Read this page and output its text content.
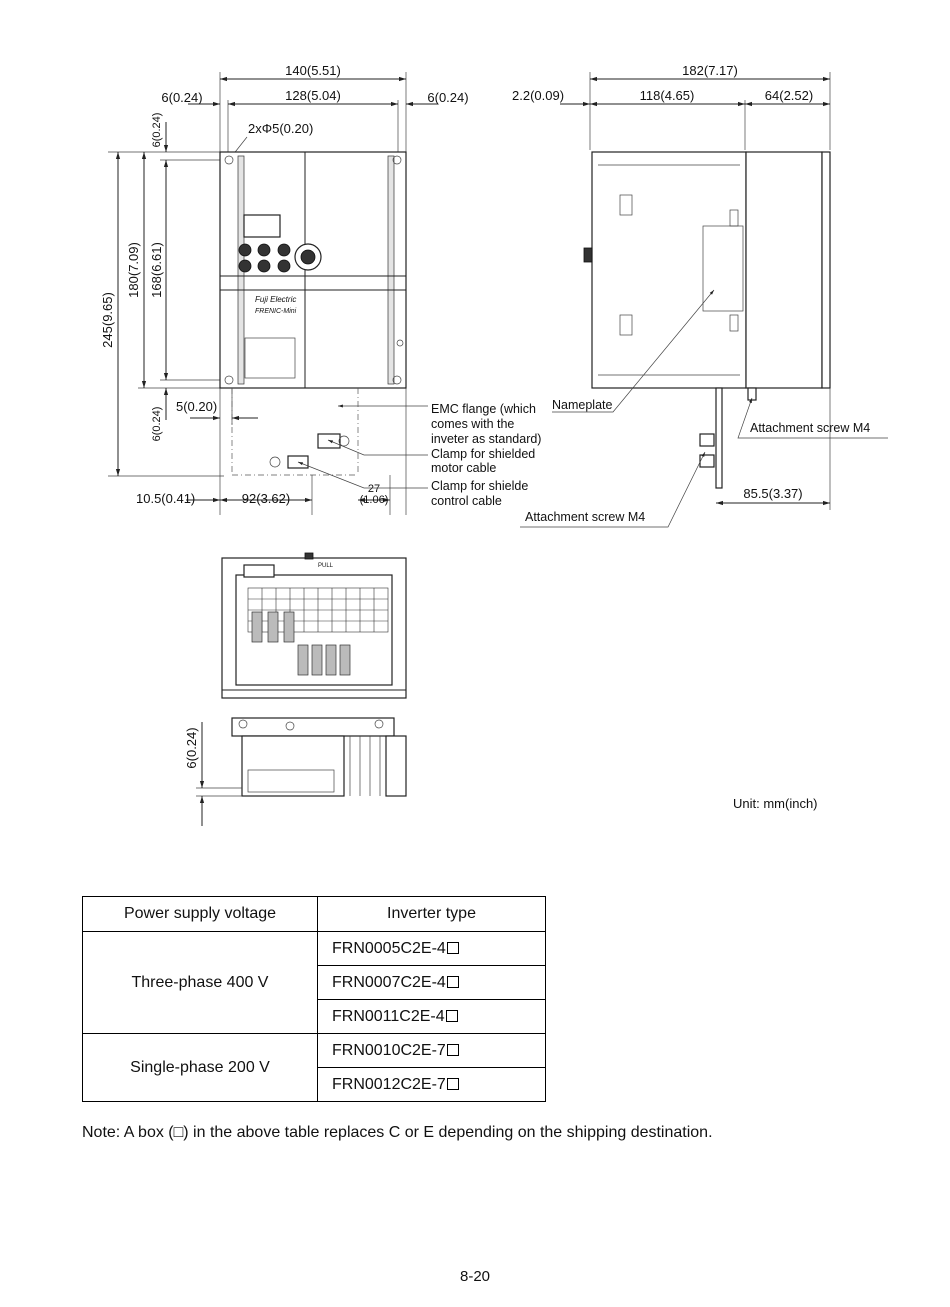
140(5.51)
128(5.04)
6(0.24)	6(0.24)
2xΦ5(0.20)
245(9.65)
180(7.09) 168(6.61)
6(0.24)
6(0.24)
5(0.20)
Fuji Electric
FRENIC-Mini
10.5(0.41)	92(3.62)
27
(1.06)
EMC flange (which
comes with the
inveter as standard)
Clamp for shielded
motor cable
Clamp for shielde
control cable
182(7.17)
118(4.65)	64(2.52)
2.2(0.09)
Nameplate
Attachment screw M4
Attachment screw M4
85.5(3.37)
PULL
6(0.24)
Unit: mm(inch)
Power supply voltage	Inverter type
Three-phase 400 V	FRN0005C2E-4
	FRN0007C2E-4
	FRN0011C2E-4
Single-phase 200 V	FRN0010C2E-7
	FRN0012C2E-7
Note: A box (□) in the above table replaces C or E depending on the shipping destination.
8-20
